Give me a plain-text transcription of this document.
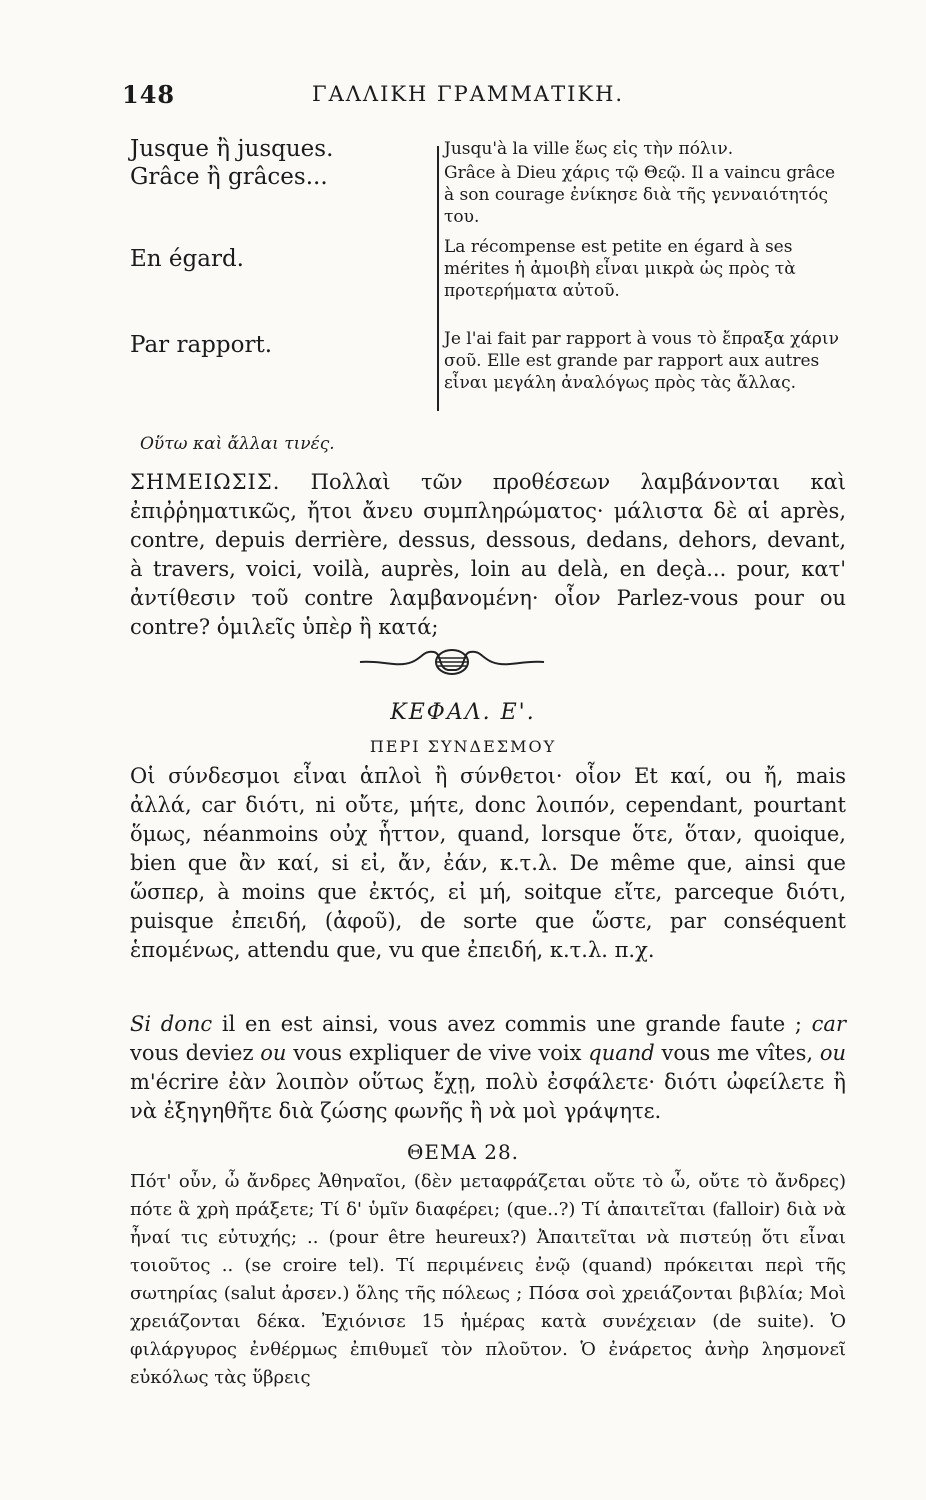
148	ΓΑΛΛΙΚΗ ΓΡΑΜΜΑΤΙΚΗ.
Jusque ἢ jusques.
Grâce ἢ grâces...
En égard.
Par rapport.
Jusqu'à la ville ἕως εἰς τὴν πόλιν.
Grâce à Dieu χάρις τῷ Θεῷ. Il a vaincu grâce à son courage ἐνίκησε διὰ τῆς γενναιότητός του.
La récompense est petite en égard à ses mérites ἡ ἀμοιβὴ εἶναι μικρὰ ὡς πρὸς τὰ προτερήματα αὐτοῦ.
Je l'ai fait par rapport à vous τὸ ἔπραξα χάριν σοῦ. Elle est grande par rapport aux autres εἶναι μεγάλη ἀναλόγως πρὸς τὰς ἄλλας.
Οὕτω καὶ ἄλλαι τινές.
ΣΗΜΕΙΩΣΙΣ. Πολλαὶ τῶν προθέσεων λαμβάνονται καὶ ἐπιῤῥηματικῶς, ἤτοι ἄνευ συμπληρώματος· μάλιστα δὲ αἱ après, contre, depuis derrière, dessus, dessous, dedans, dehors, devant, à travers, voici, voilà, auprès, loin au delà, en deçà... pour, κατ' ἀντίθεσιν τοῦ contre λαμβανομένη· οἷον Parlez-vous pour ou contre? ὁμιλεῖς ὑπὲρ ἢ κατά;
ΚΕΦΑΛ. Ε'.
ΠΕΡΙ ΣΥΝΔΕΣΜΟΥ
Οἱ σύνδεσμοι εἶναι ἁπλοὶ ἢ σύνθετοι· οἷον Et καί, ou ἤ, mais ἀλλά, car διότι, ni οὔτε, μήτε, donc λοιπόν, cependant, pourtant ὅμως, néanmoins οὐχ ἧττον, quand, lorsque ὅτε, ὅταν, quoique, bien que ἂν καί, si εἰ, ἄν, ἐάν, κ.τ.λ. De même que, ainsi que ὥσπερ, à moins que ἐκτός, εἰ μή, soitque εἴτε, parceque διότι, puisque ἐπειδή, (ἀφοῦ), de sorte que ὥστε, par conséquent ἑπομένως, attendu que, vu que ἐπειδή, κ.τ.λ. π.χ.
Si donc il en est ainsi, vous avez commis une grande faute ; car vous deviez ou vous expliquer de vive voix quand vous me vîtes, ou m'écrire ἐὰν λοιπὸν οὕτως ἔχῃ, πολὺ ἐσφάλετε· διότι ὠφείλετε ἢ νὰ ἐξηγηθῆτε διὰ ζώσης φωνῆς ἢ νὰ μοὶ γράψητε.
ΘΕΜΑ 28.
Πότ' οὖν, ὦ ἄνδρες Ἀθηναῖοι, (δὲν μεταφράζεται οὔτε τὸ ὦ, οὔτε τὸ ἄνδρες) πότε ἃ χρὴ πράξετε; Τί δ' ὑμῖν διαφέρει; (que..?) Τί ἀπαιτεῖται (falloir) διὰ νὰ ἦναί τις εὐτυχής; .. (pour être heureux?) Ἀπαιτεῖται νὰ πιστεύῃ ὅτι εἶναι τοιοῦτος .. (se croire tel). Τί περιμένεις ἐνῷ (quand) πρόκειται περὶ τῆς σωτηρίας (salut ἀρσεν.) ὅλης τῆς πόλεως ; Πόσα σοὶ χρειάζονται βιβλία; Μοὶ χρειάζονται δέκα. Ἐχιόνισε 15 ἡμέρας κατὰ συνέχειαν (de suite). Ὁ φιλάργυρος ἐνθέρμως ἐπιθυμεῖ τὸν πλοῦτον. Ὁ ἐνάρετος ἀνὴρ λησμονεῖ εὐκόλως τὰς ὕβρεις
